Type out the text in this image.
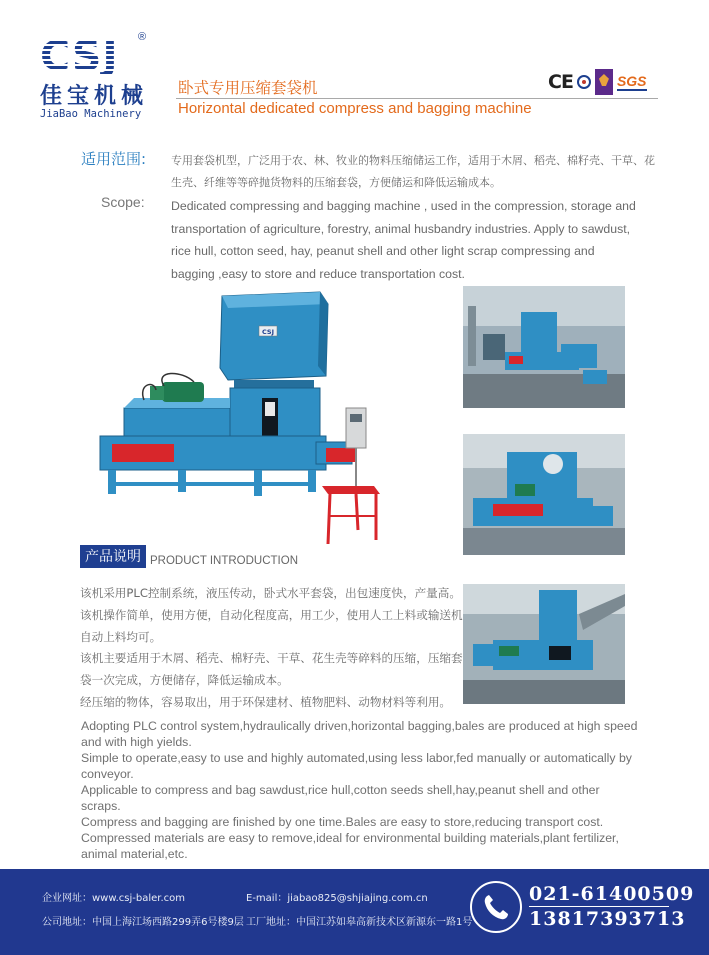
CSJ	®
佳宝机械
JiaBao Machinery
卧式专用压缩套袋机
Horizontal dedicated compress and bagging machine
CE	SGS
适用范围: 专用套袋机型，广泛用于农、林、牧业的物料压缩储运工作，适用于木屑、稻壳、棉籽壳、干草、花生壳、纤维等等碎抛货物料的压缩套袋，方便储运和降低运输成本。
Scope: Dedicated compressing and bagging machine , used in the compression, storage and transportation of agriculture, forestry, animal husbandry industries. Apply to sawdust, rice hull, cotton seed, hay, peanut shell and other light scrap compressing and bagging ,easy to store and reduce transportation cost.
CSJ
产品说明 PRODUCT INTRODUCTION

该机采用PLC控制系统，液压传动，卧式水平套袋，出包速度快，产量高。

该机操作简单，使用方便，自动化程度高，用工少，使用人工上料或输送机自动上料均可。

该机主要适用于木屑、稻壳、棉籽壳、干草、花生壳等碎料的压缩，压缩套袋一次完成，方便储存，降低运输成本。

经压缩的物体，容易取出，用于环保建材、植物肥料、动物材料等利用。

Adopting PLC control system,hydraulically driven,horizontal bagging,bales are produced at high speed and with high yields.

Simple to operate,easy to use and highly automated,using less labor,fed manually or automatically by conveyor.

Applicable to compress and bag sawdust,rice hull,cotton seeds shell,hay,peanut shell and other scraps.

Compress and bagging are finished by one time.Bales are easy to store,reducing transport cost. Compressed materials are easy to remove,ideal for environmental building materials,plant fertilizer, animal material,etc.

企业网址：www.csj-baler.com	E-mail：jiabao825@shjiajing.com.cn
公司地址：中国上海江场西路299弄6号楼9层 工厂地址：中国江苏如皋高新技术区新源东一路1号
021-61400509
13817393713
